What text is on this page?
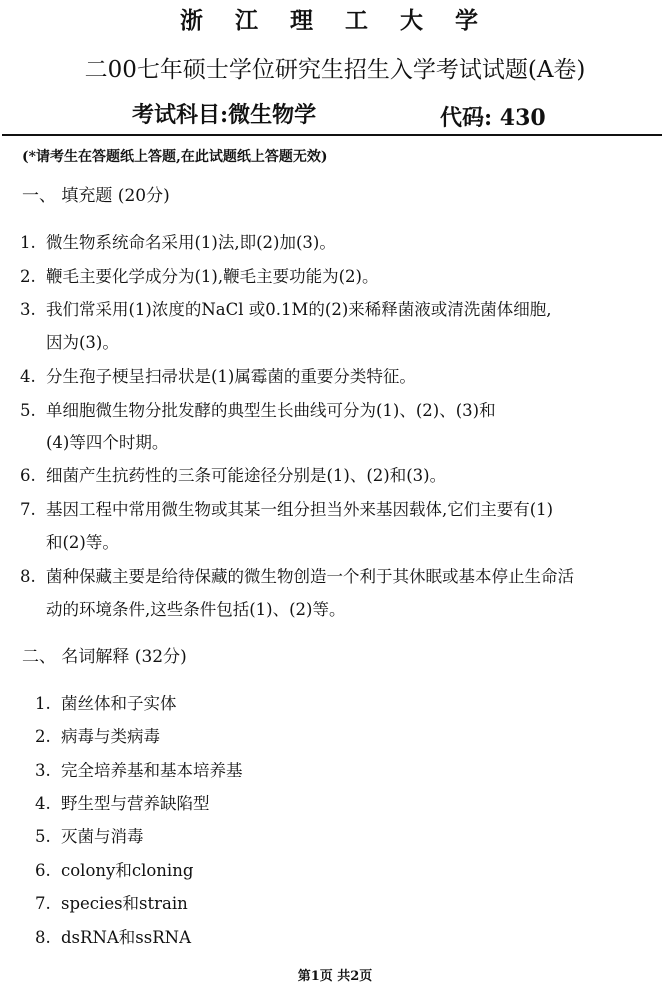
浙 江 理 工 大 学
二00七年硕士学位研究生招生入学考试试题(A卷)
考试科目:微生物学	代码: 430
(*请考生在答题纸上答题,在此试题纸上答题无效)
一、 填充题 (20分)
1. 微生物系统命名采用(1)法,即(2)加(3)。
2. 鞭毛主要化学成分为(1),鞭毛主要功能为(2)。
3. 我们常采用(1)浓度的NaCl 或0.1M的(2)来稀释菌液或清洗菌体细胞,
因为(3)。
4. 分生孢子梗呈扫帚状是(1)属霉菌的重要分类特征。
5. 单细胞微生物分批发酵的典型生长曲线可分为(1)、(2)、(3)和
(4)等四个时期。
6. 细菌产生抗药性的三条可能途径分别是(1)、(2)和(3)。
7. 基因工程中常用微生物或其某一组分担当外来基因载体,它们主要有(1)
和(2)等。
8. 菌种保藏主要是给待保藏的微生物创造一个利于其休眠或基本停止生命活
动的环境条件,这些条件包括(1)、(2)等。
二、 名词解释 (32分)
1. 菌丝体和子实体
2. 病毒与类病毒
3. 完全培养基和基本培养基
4. 野生型与营养缺陷型
5. 灭菌与消毒
6. colony和cloning
7. species和strain
8. dsRNA和ssRNA
第1页 共2页
